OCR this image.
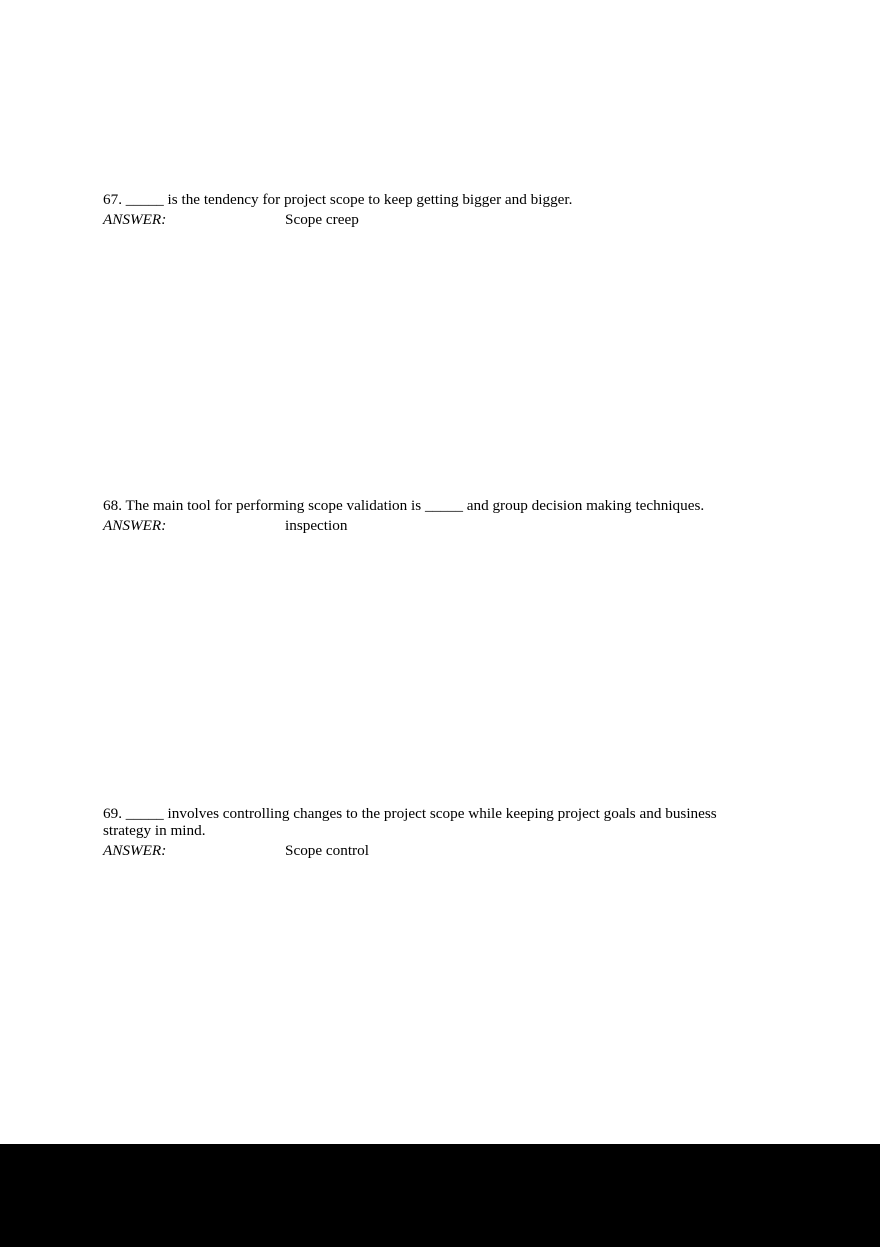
67. _____ is the tendency for project scope to keep getting bigger and bigger.
ANSWER:	Scope creep
68. The main tool for performing scope validation is _____ and group decision making techniques.
ANSWER:	inspection
69. _____ involves controlling changes to the project scope while keeping project goals and business strategy in mind.
ANSWER:	Scope control
